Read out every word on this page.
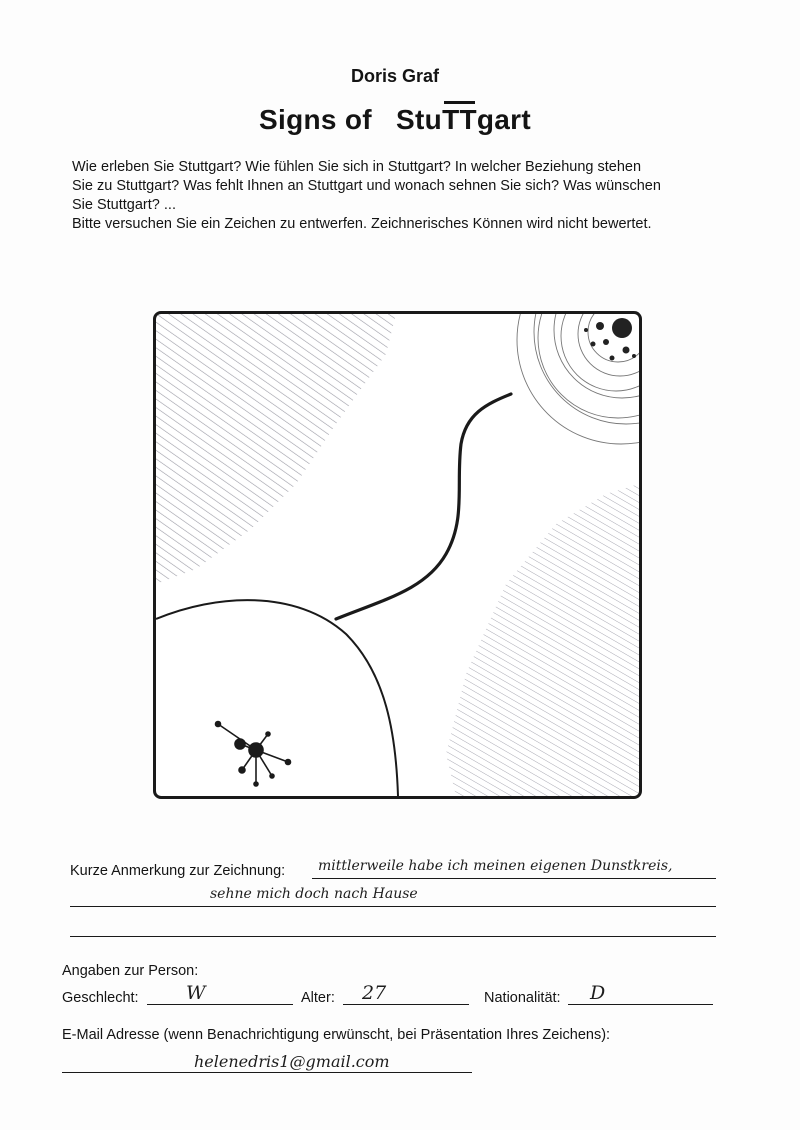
Doris Graf
Signs of StuTTgart

Wie erleben Sie Stuttgart? Wie fühlen Sie sich in Stuttgart? In welcher Beziehung stehen

Sie zu Stuttgart? Was fehlt Ihnen an Stuttgart und wonach sehnen Sie sich? Was wünschen

Sie Stuttgart? ...

Bitte versuchen Sie ein Zeichen zu entwerfen. Zeichnerisches Können wird nicht bewertet.

Kurze Anmerkung zur Zeichnung: mittlerweile habe ich meinen eigenen Dunstkreis,
sehne mich doch nach Hause
Angaben zur Person:
Geschlecht: W	Alter: 27	Nationalität: D
E-Mail Adresse (wenn Benachrichtigung erwünscht, bei Präsentation Ihres Zeichens):
helenedris1@gmail.com
